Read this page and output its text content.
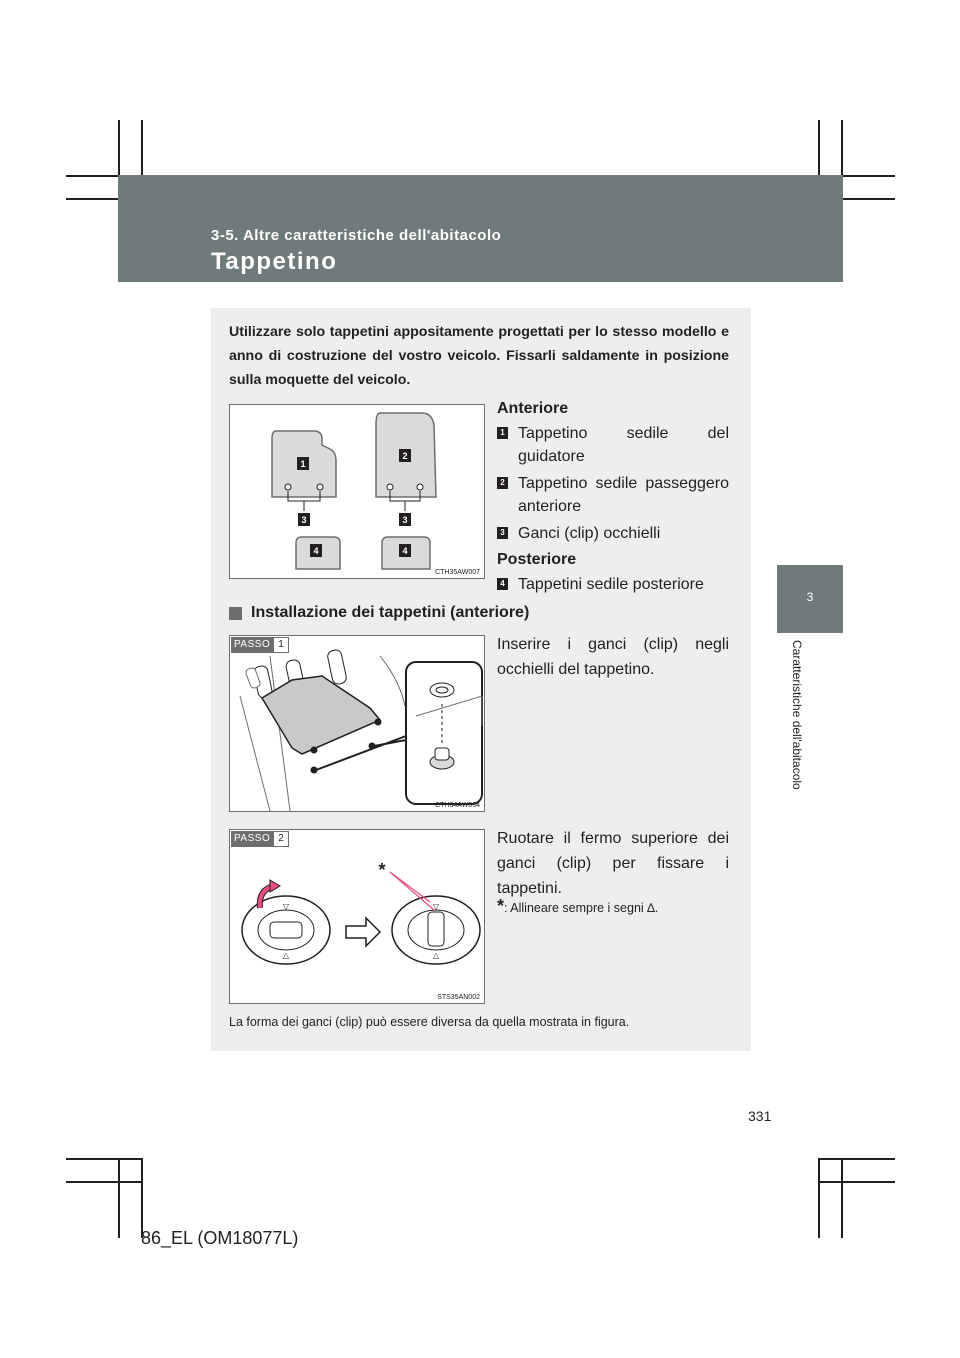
3-5. Altre caratteristiche dell'abitacolo

Tappetino
3
Caratteristiche dell'abitacolo

Utilizzare solo tappetini appositamente progettati per lo stesso modello e anno di costruzione del vostro veicolo. Fissarli saldamente in posizione sulla moquette del veicolo.

1
2
3	3
4	4
CTH35AW007

Anteriore

1 Tappetino sedile del guidatore
2 Tappetino sedile passeggero anteriore
3 Ganci (clip) occhielli

Posteriore

4 Tappetini sedile posteriore
Installazione dei tappetini (anteriore)
PASSO 1
CTH34AW034

Inserire i ganci (clip) negli occhielli del tappetino.

▽
△
▽
△
*
PASSO 2
STS35AN002

Ruotare il fermo superiore dei ganci (clip) per fissare i tappetini.

*: Allineare sempre i segni ∆.

La forma dei ganci (clip) può essere diversa da quella mostrata in figura.

331
86_EL (OM18077L)
